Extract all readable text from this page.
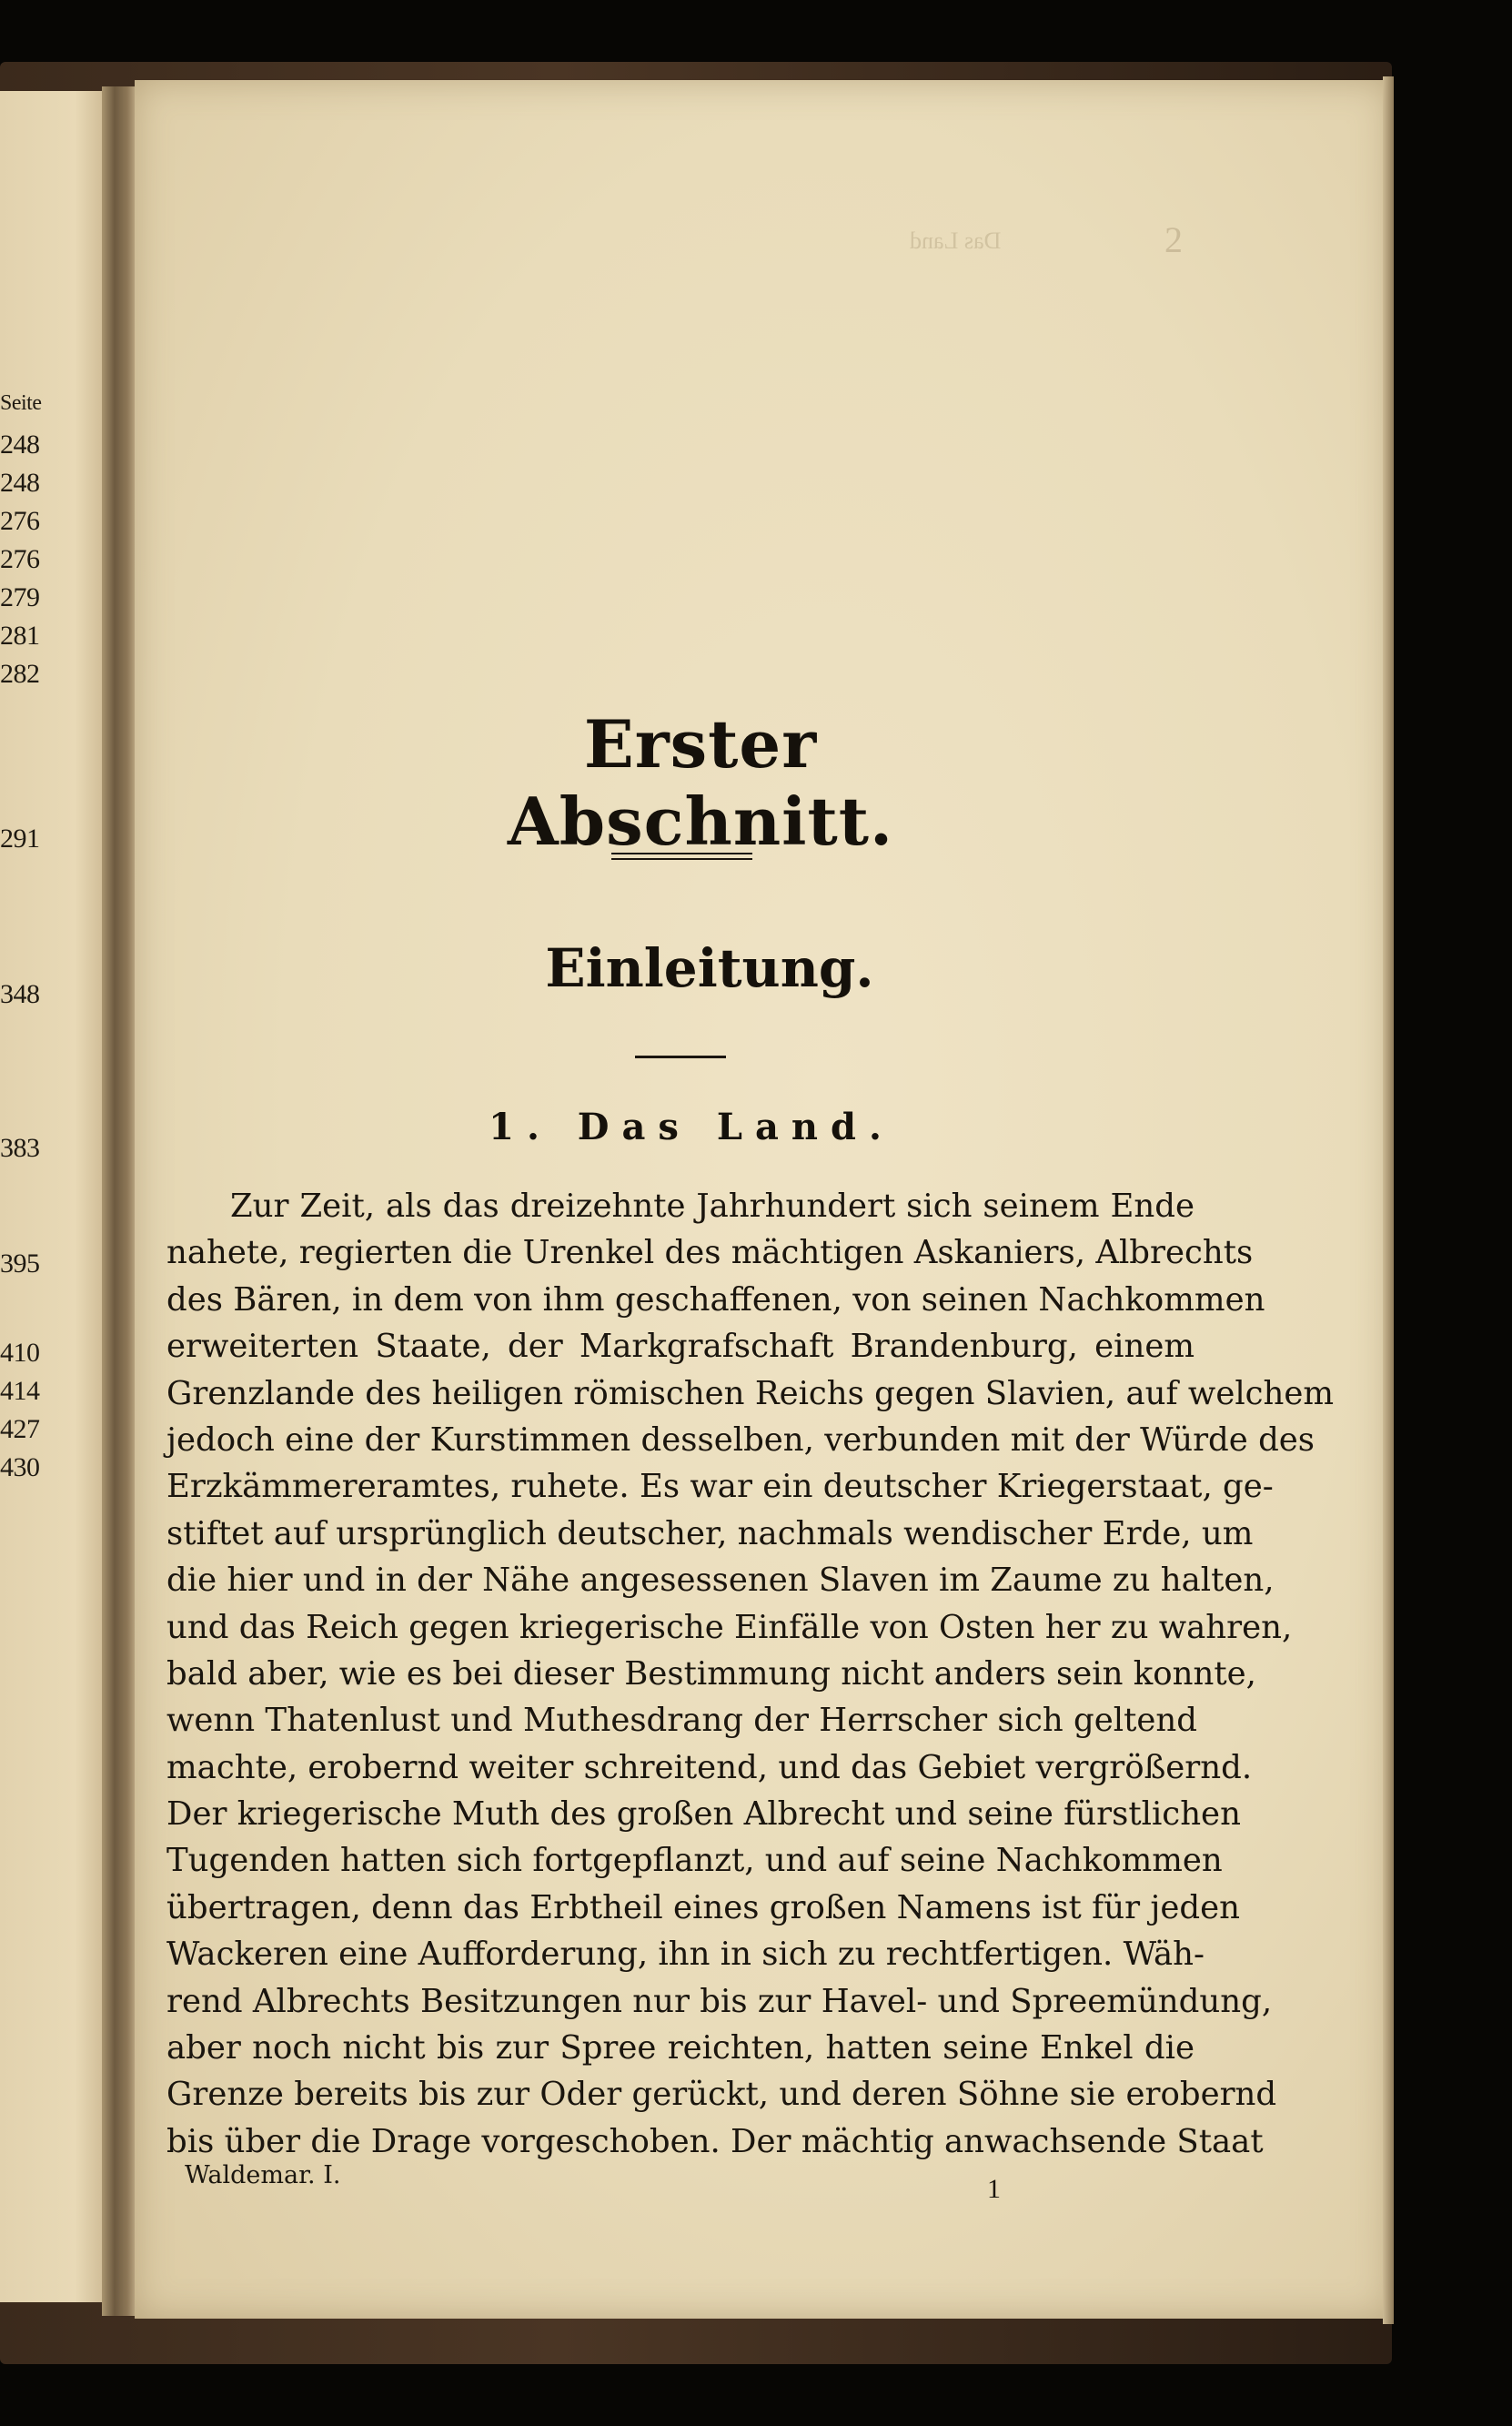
Seite
248
248
276
276
279
281
282
291
348
383
395
410
414
427
430
Das Land	2
Erster Abschnitt.
Einleitung.
1. Das Land.
Zur Zeit, als das dreizehnte Jahrhundert sich seinem Ende
nahete, regierten die Urenkel des mächtigen Askaniers, Albrechts
des Bären, in dem von ihm geschaffenen, von seinen Nachkommen
erweiterten Staate, der Markgrafschaft Brandenburg, einem
Grenzlande des heiligen römischen Reichs gegen Slavien, auf welchem
jedoch eine der Kurstimmen desselben, verbunden mit der Würde des
Erzkämmereramtes, ruhete. Es war ein deutscher Kriegerstaat, ge-
stiftet auf ursprünglich deutscher, nachmals wendischer Erde, um
die hier und in der Nähe angesessenen Slaven im Zaume zu halten,
und das Reich gegen kriegerische Einfälle von Osten her zu wahren,
bald aber, wie es bei dieser Bestimmung nicht anders sein konnte,
wenn Thatenlust und Muthesdrang der Herrscher sich geltend
machte, erobernd weiter schreitend, und das Gebiet vergrößernd.
Der kriegerische Muth des großen Albrecht und seine fürstlichen
Tugenden hatten sich fortgepflanzt, und auf seine Nachkommen
übertragen, denn das Erbtheil eines großen Namens ist für jeden
Wackeren eine Aufforderung, ihn in sich zu rechtfertigen. Wäh-
rend Albrechts Besitzungen nur bis zur Havel- und Spreemündung,
aber noch nicht bis zur Spree reichten, hatten seine Enkel die
Grenze bereits bis zur Oder gerückt, und deren Söhne sie erobernd
bis über die Drage vorgeschoben. Der mächtig anwachsende Staat
Waldemar. I.	1
